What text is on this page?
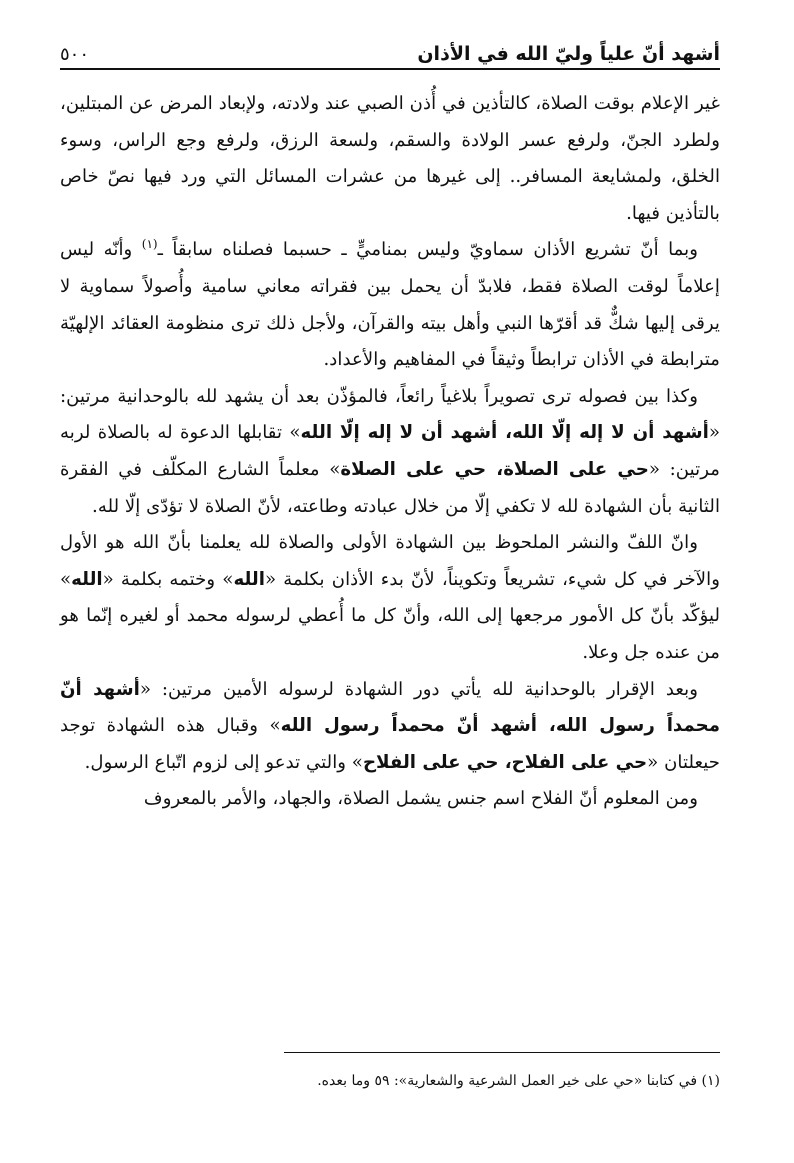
أشهد أنّ علياً وليّ الله في الأذان
٥٠٠

غير الإعلام بوقت الصلاة، كالتأذين في أُذن الصبي عند ولادته، ولإبعاد المرض عن المبتلين، ولطرد الجنّ، ولرفع عسر الولادة والسقم، ولسعة الرزق، ولرفع وجع الراس، وسوء الخلق، ولمشايعة المسافر.. إلى غيرها من عشرات المسائل التي ورد فيها نصّ خاص بالتأذين فيها.

وبما أنّ تشريع الأذان سماويّ وليس بمناميٍّ ـ حسبما فصلناه سابقاً ـ$^{(١)}$ وأنّه ليس إعلاماً لوقت الصلاة فقط، فلابدّ أن يحمل بين فقراته معاني سامية وأُصولاً سماوية لا يرقى إليها شكٌّ قد أقرّها النبي وأهل بيته والقرآن، ولأجل ذلك ترى منظومة العقائد الإلهيّة مترابطة في الأذان ترابطاً وثيقاً في المفاهيم والأعداد.

وكذا بين فصوله ترى تصويراً بلاغياً رائعاً، فالمؤذّن بعد أن يشهد لله بالوحدانية مرتين: «أشهد أن لا إله إلّا الله، أشهد أن لا إله إلّا الله» تقابلها الدعوة له بالصلاة لربه مرتين: «حي على الصلاة، حي على الصلاة» معلماً الشارع المكلّف في الفقرة الثانية بأن الشهادة لله لا تكفي إلّا من خلال عبادته وطاعته، لأنّ الصلاة لا تؤدّى إلّا لله.

وانّ اللفّ والنشر الملحوظ بين الشهادة الأولى والصلاة لله يعلمنا بأنّ الله هو الأول والآخر في كل شيء، تشريعاً وتكويناً، لأنّ بدء الأذان بكلمة «الله» وختمه بكلمة «الله» ليؤكّد بأنّ كل الأمور مرجعها إلى الله، وأنّ كل ما أُعطي لرسوله محمد أو لغيره إنّما هو من عنده جل وعلا.

وبعد الإقرار بالوحدانية لله يأتي دور الشهادة لرسوله الأمين مرتين: «أشهد أنّ محمداً رسول الله، أشهد أنّ محمداً رسول الله» وقبال هذه الشهادة توجد حيعلتان «حي على الفلاح، حي على الفلاح» والتي تدعو إلى لزوم اتّباع الرسول.

ومن المعلوم أنّ الفلاح اسم جنس يشمل الصلاة، والجهاد، والأمر بالمعروف

(١) في كتابنا «حي على خير العمل الشرعية والشعارية»: ٥٩ وما بعده.
